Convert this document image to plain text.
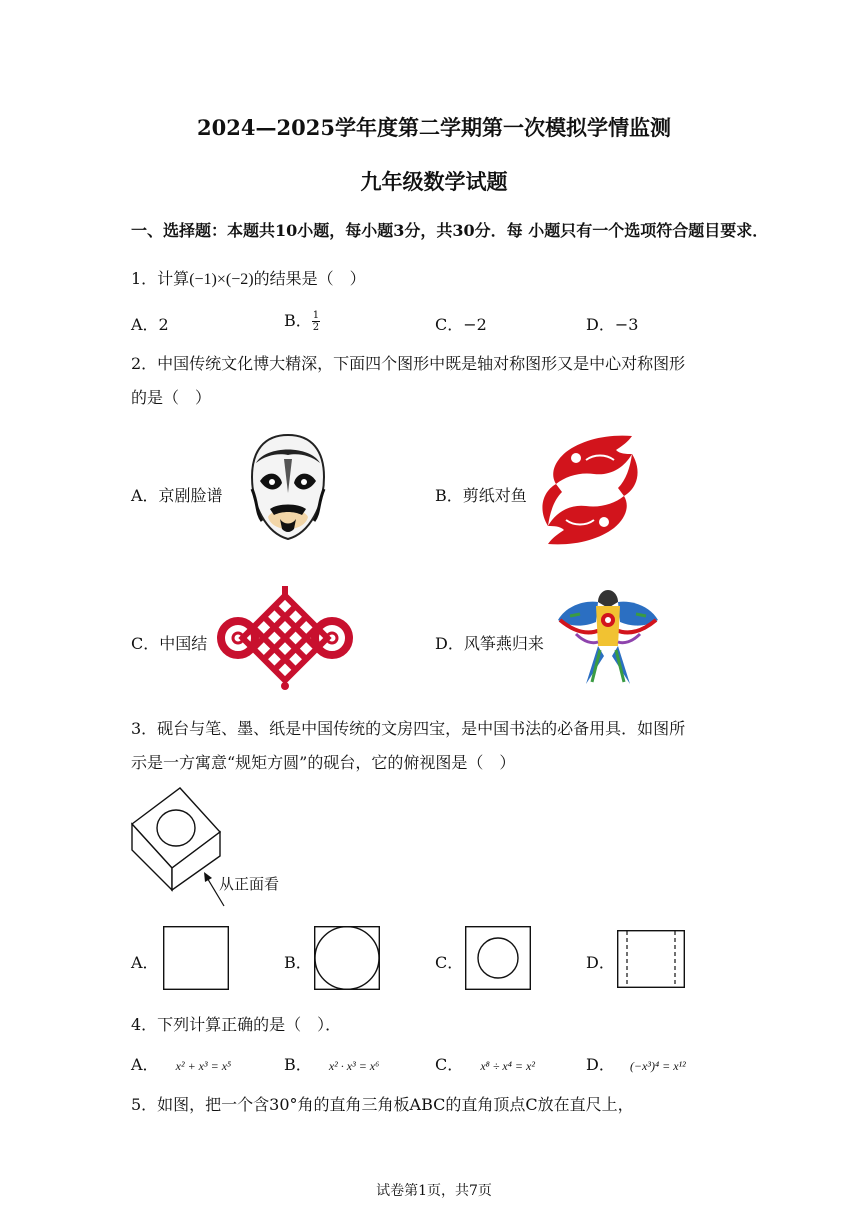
2024—2025学年度第二学期第一次模拟学情监测
九年级数学试题
一、选择题：本题共10小题，每小题3分，共30分．每 小题只有一个选项符合题目要求．
1．计算(−1)×(−2)的结果是（　）
A．2	B． $\frac{1}{2}$	C．−2	D．−3
2．中国传统文化博大精深，下面四个图形中既是轴对称图形又是中心对称图形
的是（　）
A．京剧脸谱	B．剪纸对鱼
C．中国结	D．风筝燕归来
3．砚台与笔、墨、纸是中国传统的文房四宝，是中国书法的必备用具．如图所
示是一方寓意“规矩方圆”的砚台，它的俯视图是（　）
从正面看
A．	B．	C．	D．
4．下列计算正确的是（　）．
A． x² + x³ = x⁵	B． x² · x³ = x⁶	C． x⁸ ÷ x⁴ = x²	D． (−x³)⁴ = x¹²
5．如图，把一个含30°角的直角三角板ABC的直角顶点C放在直尺上，
试卷第1页，共7页
